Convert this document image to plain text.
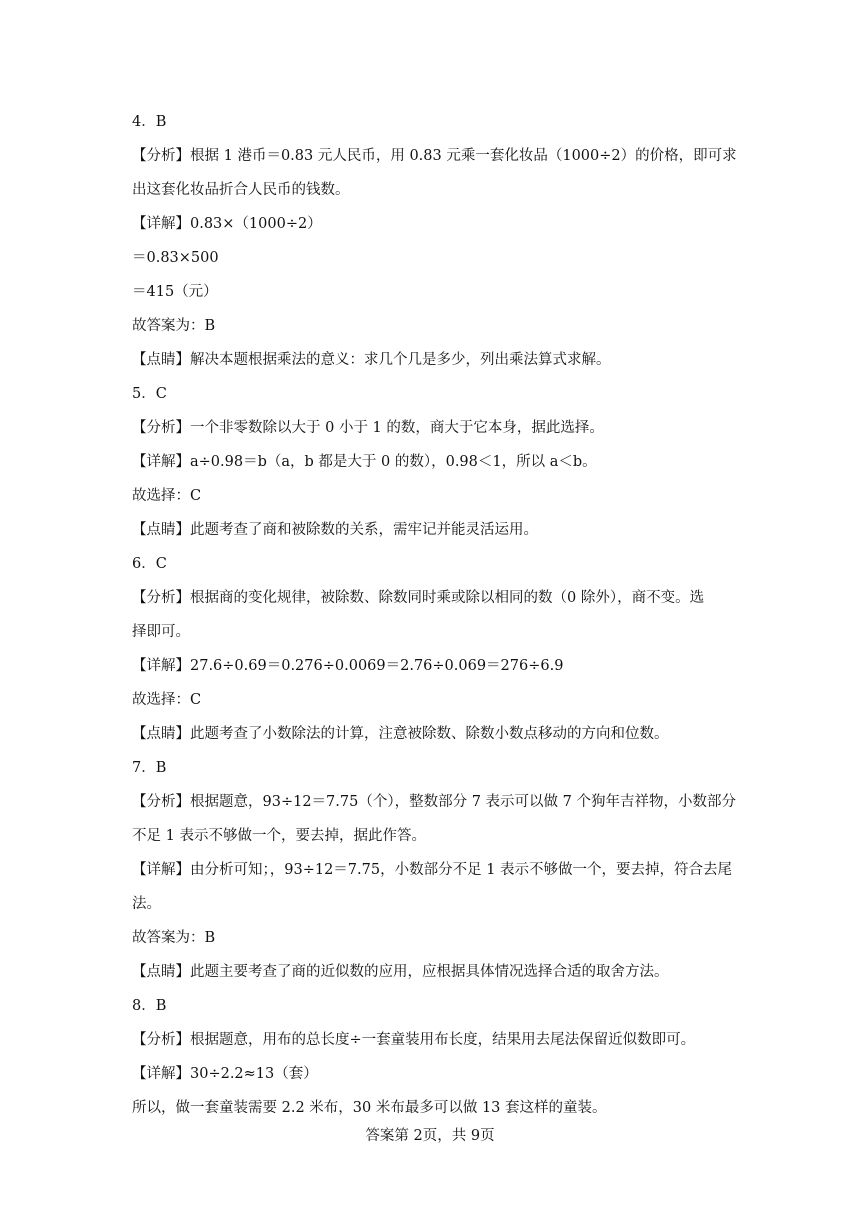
4．B
【分析】根据 1 港币＝0.83 元人民币，用 0.83 元乘一套化妆品（1000÷2）的价格，即可求
出这套化妆品折合人民币的钱数。
【详解】0.83×（1000÷2）
＝0.83×500
＝415（元）
故答案为：B
【点睛】解决本题根据乘法的意义：求几个几是多少，列出乘法算式求解。
5．C
【分析】一个非零数除以大于 0 小于 1 的数，商大于它本身，据此选择。
【详解】a÷0.98＝b（a，b 都是大于 0 的数），0.98＜1，所以 a＜b。
故选择：C
【点睛】此题考查了商和被除数的关系，需牢记并能灵活运用。
6．C
【分析】根据商的变化规律，被除数、除数同时乘或除以相同的数（0 除外），商不变。选
择即可。
【详解】27.6÷0.69＝0.276÷0.0069＝2.76÷0.069＝276÷6.9
故选择：C
【点睛】此题考查了小数除法的计算，注意被除数、除数小数点移动的方向和位数。
7．B
【分析】根据题意，93÷12＝7.75（个），整数部分 7 表示可以做 7 个狗年吉祥物，小数部分
不足 1 表示不够做一个，要去掉，据此作答。
【详解】由分析可知；，93÷12＝7.75，小数部分不足 1 表示不够做一个，要去掉，符合去尾
法。
故答案为：B
【点睛】此题主要考查了商的近似数的应用，应根据具体情况选择合适的取舍方法。
8．B
【分析】根据题意，用布的总长度÷一套童装用布长度，结果用去尾法保留近似数即可。
【详解】30÷2.2≈13（套）
所以，做一套童装需要 2.2 米布，30 米布最多可以做 13 套这样的童装。
答案第 2页，共 9页
